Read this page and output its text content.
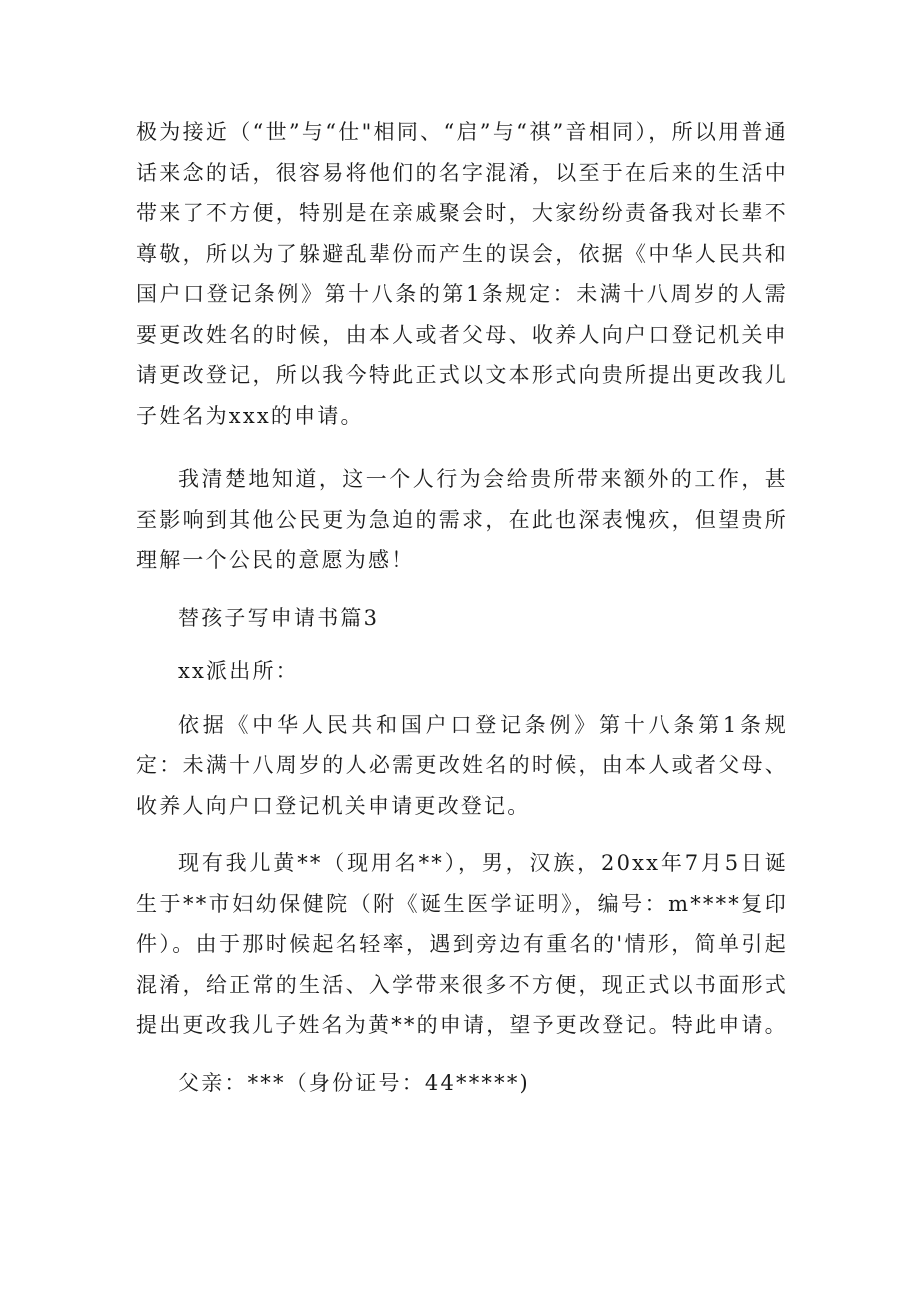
极为接近（“世”与“仕"相同、“启”与“祺”音相同），所以用普通话来念的话，很容易将他们的名字混淆，以至于在后来的生活中带来了不方便，特别是在亲戚聚会时，大家纷纷责备我对长辈不尊敬，所以为了躲避乱辈份而产生的误会，依据《中华人民共和国户口登记条例》第十八条的第1条规定：未满十八周岁的人需要更改姓名的时候，由本人或者父母、收养人向户口登记机关申请更改登记，所以我今特此正式以文本形式向贵所提出更改我儿子姓名为xxx的申请。

我清楚地知道，这一个人行为会给贵所带来额外的工作，甚至影响到其他公民更为急迫的需求，在此也深表愧疚，但望贵所理解一个公民的意愿为感！

替孩子写申请书篇3

xx派出所：

依据《中华人民共和国户口登记条例》第十八条第1条规定：未满十八周岁的人必需更改姓名的时候，由本人或者父母、收养人向户口登记机关申请更改登记。

现有我儿黄**（现用名**），男，汉族，20xx年7月5日诞生于**市妇幼保健院（附《诞生医学证明》，编号：m****复印件）。由于那时候起名轻率，遇到旁边有重名的'情形，简单引起混淆，给正常的生活、入学带来很多不方便，现正式以书面形式提出更改我儿子姓名为黄**的申请，望予更改登记。特此申请。

父亲：***（身份证号：44*****)
